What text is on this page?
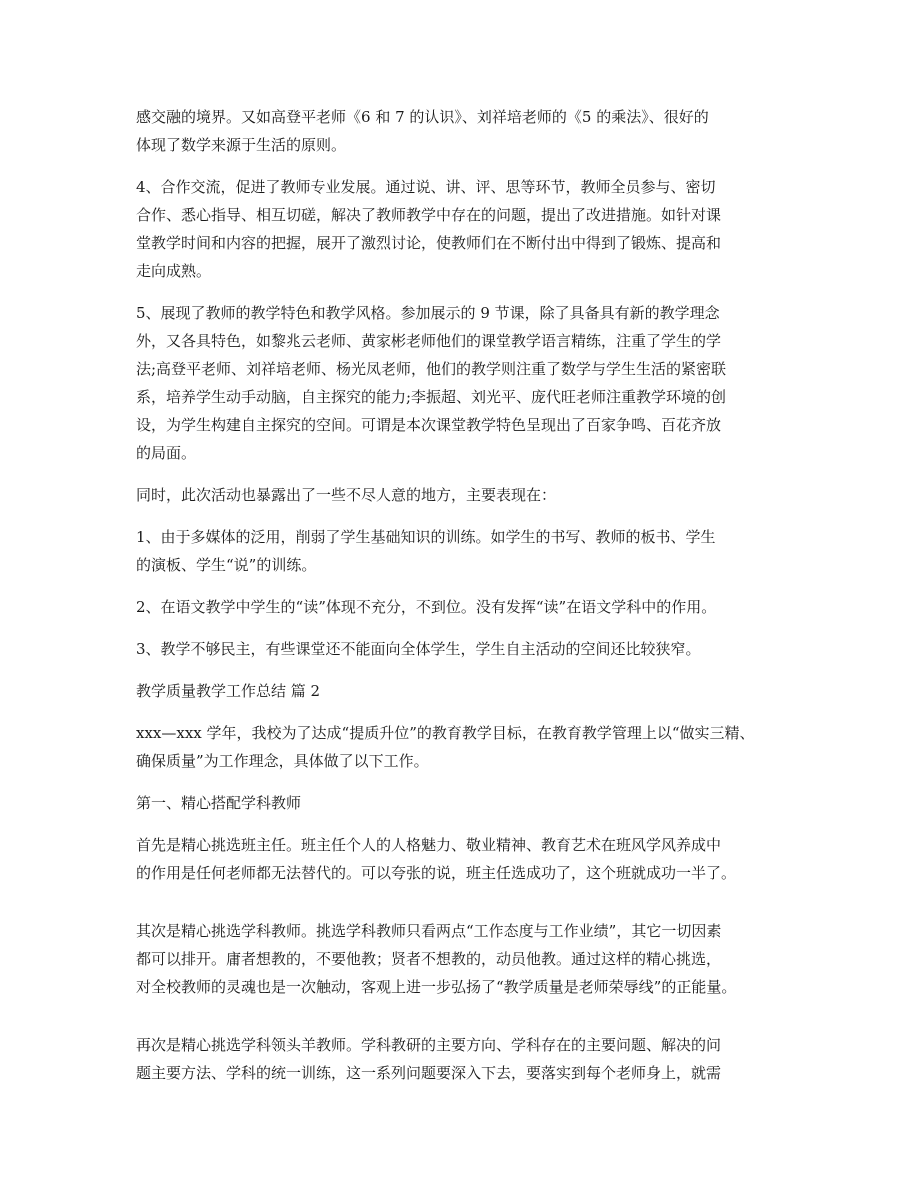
感交融的境界。又如高登平老师《6 和 7 的认识》、刘祥培老师的《5 的乘法》、很好的
体现了数学来源于生活的原则。

4、合作交流，促进了教师专业发展。通过说、讲、评、思等环节，教师全员参与、密切
合作、悉心指导、相互切磋，解决了教师教学中存在的问题，提出了改进措施。如针对课
堂教学时间和内容的把握，展开了激烈讨论，使教师们在不断付出中得到了锻炼、提高和
走向成熟。

5、展现了教师的教学特色和教学风格。参加展示的 9 节课，除了具备具有新的教学理念
外，又各具特色，如黎兆云老师、黄家彬老师他们的课堂教学语言精练，注重了学生的学
法;高登平老师、刘祥培老师、杨光凤老师，他们的教学则注重了数学与学生生活的紧密联
系，培养学生动手动脑，自主探究的能力;李振超、刘光平、庞代旺老师注重教学环境的创
设，为学生构建自主探究的空间。可谓是本次课堂教学特色呈现出了百家争鸣、百花齐放
的局面。

同时，此次活动也暴露出了一些不尽人意的地方，主要表现在：

1、由于多媒体的泛用，削弱了学生基础知识的训练。如学生的书写、教师的板书、学生
的演板、学生“说”的训练。

2、在语文教学中学生的“读”体现不充分，不到位。没有发挥“读”在语文学科中的作用。

3、教学不够民主，有些课堂还不能面向全体学生，学生自主活动的空间还比较狭窄。

教学质量教学工作总结 篇 2

xxx—xxx 学年，我校为了达成“提质升位”的教育教学目标，在教育教学管理上以“做实三精、
确保质量”为工作理念，具体做了以下工作。

第一、精心搭配学科教师

首先是精心挑选班主任。班主任个人的人格魅力、敬业精神、教育艺术在班风学风养成中
的作用是任何老师都无法替代的。可以夸张的说，班主任选成功了，这个班就成功一半了。

其次是精心挑选学科教师。挑选学科教师只看两点“工作态度与工作业绩”，其它一切因素
都可以排开。庸者想教的，不要他教；贤者不想教的，动员他教。通过这样的精心挑选，
对全校教师的灵魂也是一次触动，客观上进一步弘扬了“教学质量是老师荣辱线”的正能量。

再次是精心挑选学科领头羊教师。学科教研的主要方向、学科存在的主要问题、解决的问
题主要方法、学科的统一训练，这一系列问题要深入下去，要落实到每个老师身上，就需
